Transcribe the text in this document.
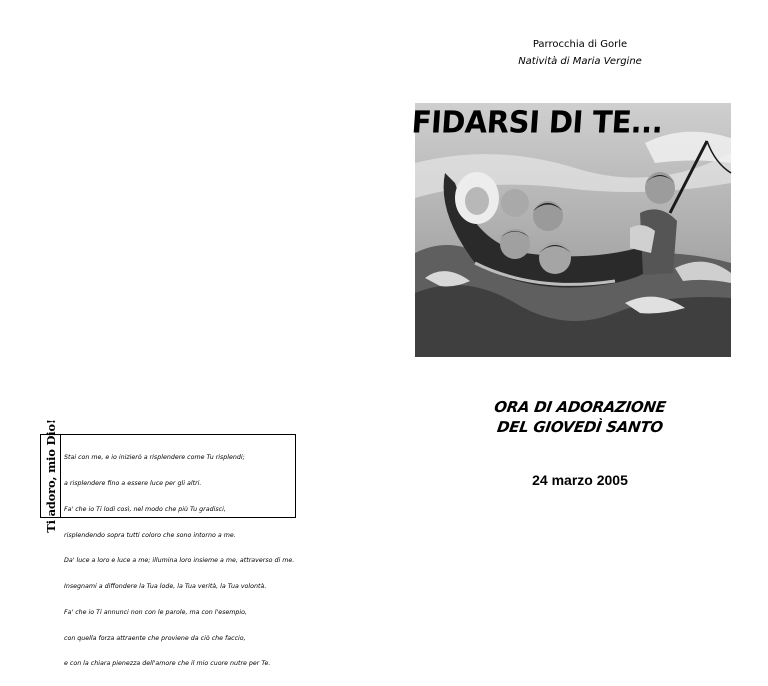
Ti adoro, mio Dio!

Stai con me, e io inizierò a risplendere come Tu risplendi;

a risplendere fino a essere luce per gli altri.

Fa' che io Ti lodi così, nel modo che più Tu gradisci,

risplendendo sopra tutti coloro che sono intorno a me.

Da' luce a loro e luce a me; illumina loro insieme a me, attraverso di me.

Insegnami a diffondere la Tua lode, la Tua verità, la Tua volontà.

Fa' che io Ti annunci non con le parole, ma con l'esempio,

con quella forza attraente che proviene da ciò che faccio,

e con la chiara pienezza dell'amore che il mio cuore nutre per Te.

Parrocchia di Gorle
Natività di Maria Vergine
FIDARSI DI TE...
ORA DI ADORAZIONE
DEL GIOVEDÌ SANTO
24 marzo 2005
